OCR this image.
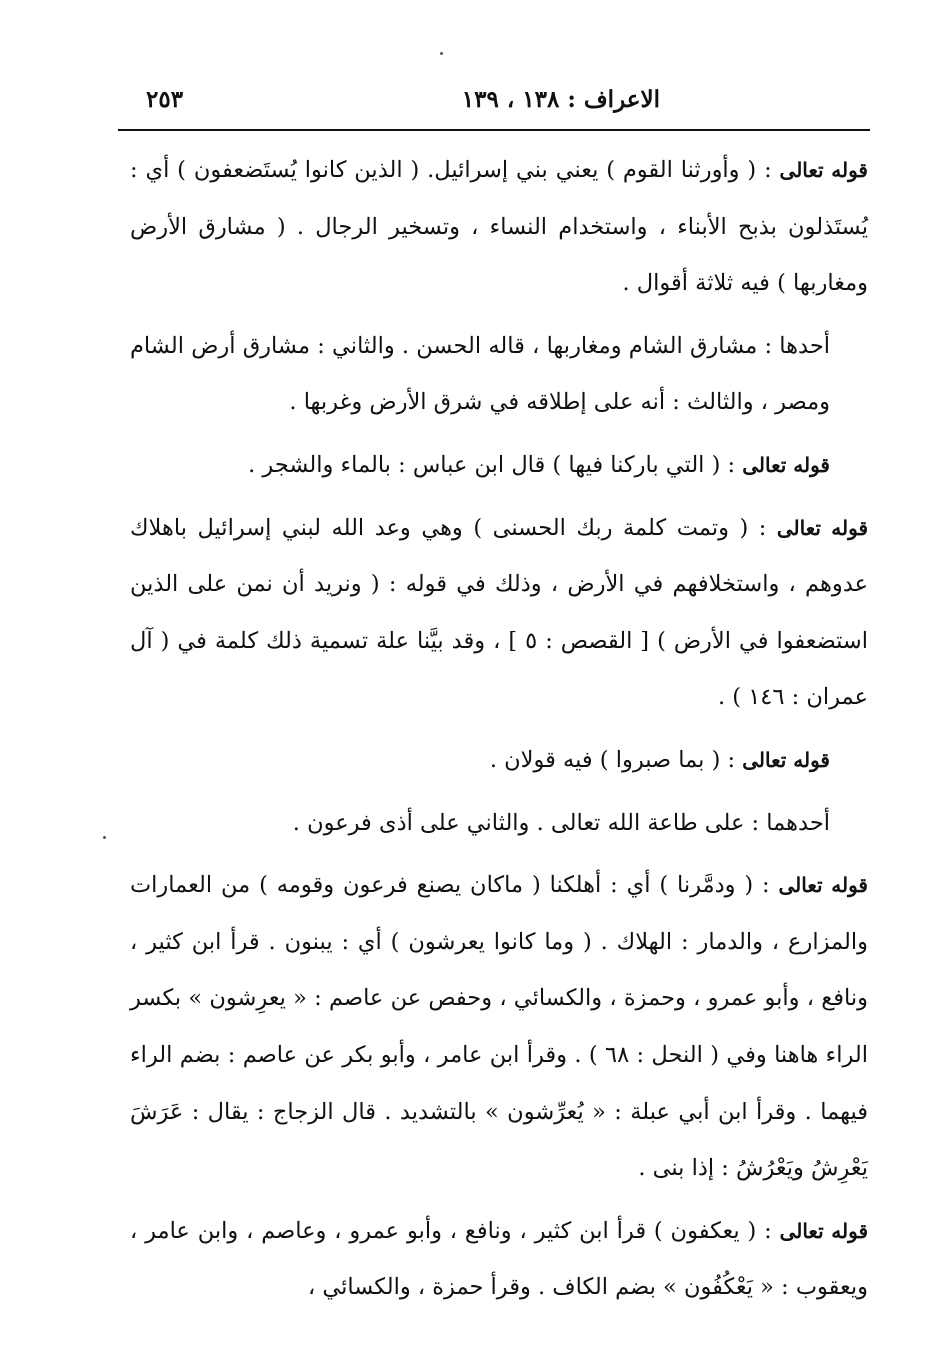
الاعراف : ١٣٨ ، ١٣٩
٢٥٣

قوله تعالى : ( وأورثنا القوم ) يعني بني إسرائيل. ( الذين كانوا يُستَضعفون ) أي : يُستَذلون بذبح الأبناء ، واستخدام النساء ، وتسخير الرجال . ( مشارق الأرض ومغاربها ) فيه ثلاثة أقوال .

أحدها : مشارق الشام ومغاربها ، قاله الحسن . والثاني : مشارق أرض الشام ومصر ، والثالث : أنه على إطلاقه في شرق الأرض وغربها .

قوله تعالى : ( التي باركنا فيها ) قال ابن عباس : بالماء والشجر .

قوله تعالى : ( وتمت كلمة ربك الحسنى ) وهي وعد الله لبني إسرائيل باهلاك عدوهم ، واستخلافهم في الأرض ، وذلك في قوله : ( ونريد أن نمن على الذين استضعفوا في الأرض ) [ القصص : ٥ ] ، وقد بيَّنا علة تسمية ذلك كلمة في ( آل عمران : ١٤٦ ) .

قوله تعالى : ( بما صبروا ) فيه قولان .

أحدهما : على طاعة الله تعالى . والثاني على أذى فرعون .

قوله تعالى : ( ودمَّرنا ) أي : أهلكنا ( ماكان يصنع فرعون وقومه ) من العمارات والمزارع ، والدمار : الهلاك . ( وما كانوا يعرشون ) أي : يبنون . قرأ ابن كثير ، ونافع ، وأبو عمرو ، وحمزة ، والكسائي ، وحفص عن عاصم : « يعرِشون » بكسر الراء هاهنا وفي ( النحل : ٦٨ ) . وقرأ ابن عامر ، وأبو بكر عن عاصم : بضم الراء فيهما . وقرأ ابن أبي عبلة : « يُعرِّشون » بالتشديد . قال الزجاج : يقال : عَرَشَ يَعْرِشُ ويَعْرُشُ : إذا بنى .

قوله تعالى : ( يعكفون ) قرأ ابن كثير ، ونافع ، وأبو عمرو ، وعاصم ، وابن عامر ، ويعقوب : « يَعْكُفُون » بضم الكاف . وقرأ حمزة ، والكسائي ،
